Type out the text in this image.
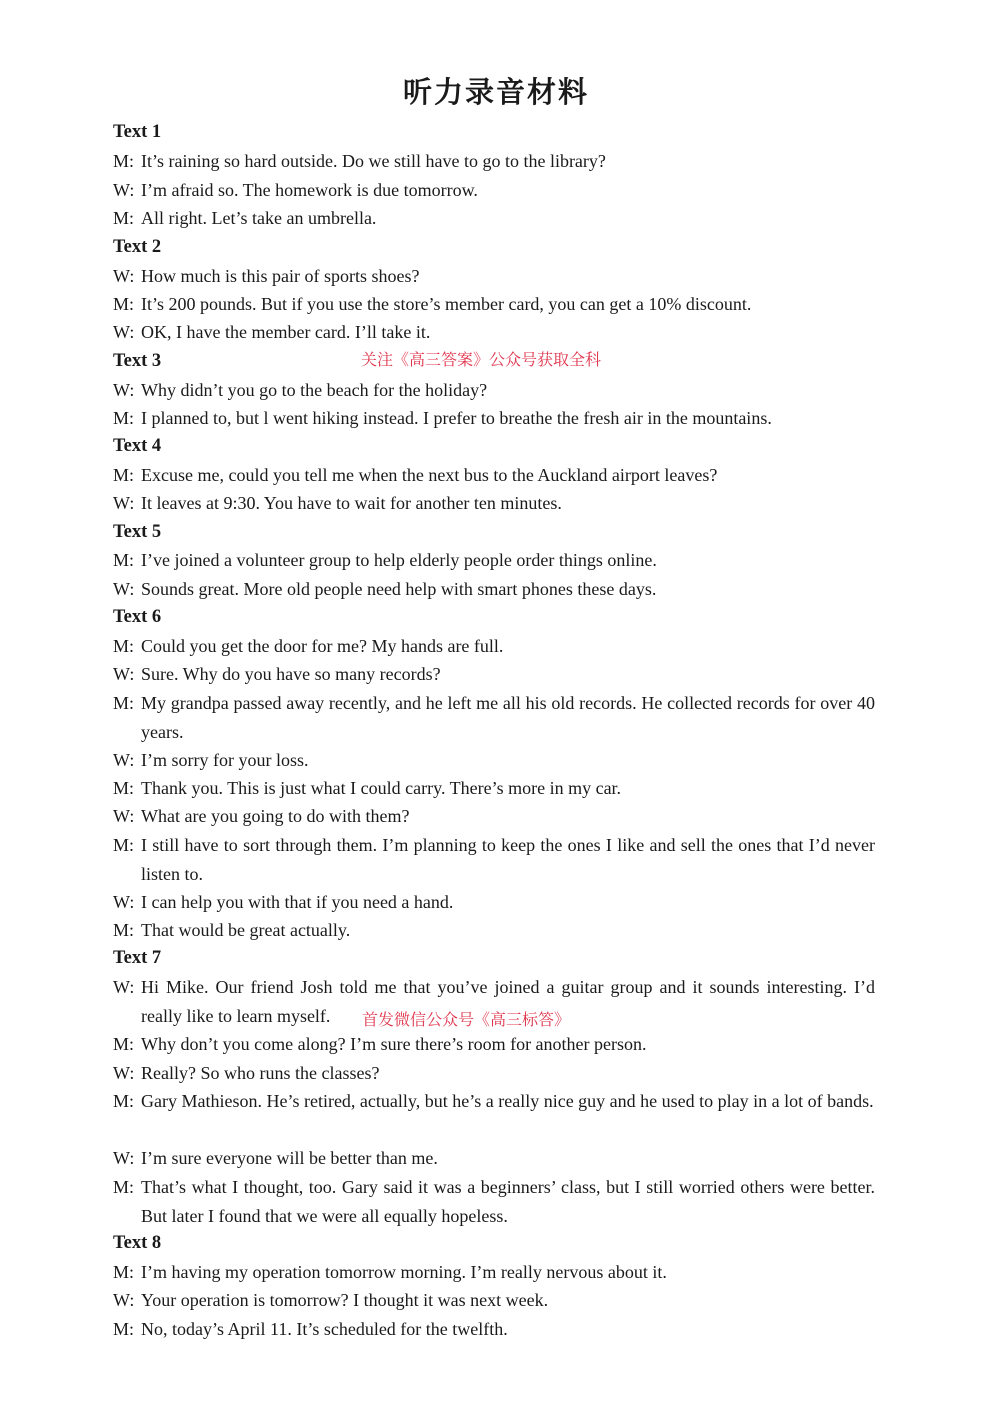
听力录音材料
Text 1
M: It’s raining so hard outside. Do we still have to go to the library?
W: I’m afraid so. The homework is due tomorrow.
M: All right. Let’s take an umbrella.
Text 2
W: How much is this pair of sports shoes?
M: It’s 200 pounds. But if you use the store’s member card, you can get a 10% discount.
W: OK, I have the member card. I’ll take it.
Text 3
W: Why didn’t you go to the beach for the holiday?
M: I planned to, but l went hiking instead. I prefer to breathe the fresh air in the mountains.
Text 4
M: Excuse me, could you tell me when the next bus to the Auckland airport leaves?
W: It leaves at 9:30. You have to wait for another ten minutes.
Text 5
M: I’ve joined a volunteer group to help elderly people order things online.
W: Sounds great. More old people need help with smart phones these days.
Text 6
M: Could you get the door for me? My hands are full.
W: Sure. Why do you have so many records?
M: My grandpa passed away recently, and he left me all his old records. He collected records for over 40 years.
W: I’m sorry for your loss.
M: Thank you. This is just what I could carry. There’s more in my car.
W: What are you going to do with them?
M: I still have to sort through them. I’m planning to keep the ones I like and sell the ones that I’d never listen to.
W: I can help you with that if you need a hand.
M: That would be great actually.
Text 7
W: Hi Mike. Our friend Josh told me that you’ve joined a guitar group and it sounds interesting. I’d really like to learn myself.
M: Why don’t you come along? I’m sure there’s room for another person.
W: Really? So who runs the classes?
M: Gary Mathieson. He’s retired, actually, but he’s a really nice guy and he used to play in a lot of bands.
W: I’m sure everyone will be better than me.
M: That’s what I thought, too. Gary said it was a beginners’ class, but I still worried others were better. But later I found that we were all equally hopeless.
Text 8
M: I’m having my operation tomorrow morning. I’m really nervous about it.
W: Your operation is tomorrow? I thought it was next week.
M: No, today’s April 11. It’s scheduled for the twelfth.
关注《高三答案》公众号获取全科
首发微信公众号《高三标答》
